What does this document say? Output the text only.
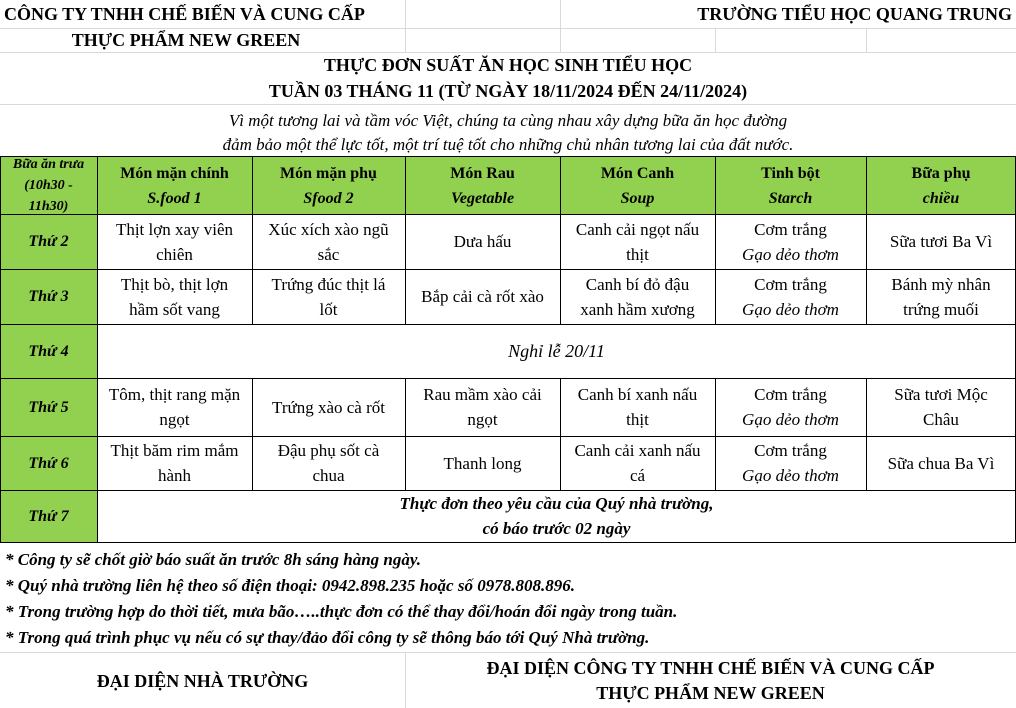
CÔNG TY TNHH CHẾ BIẾN VÀ CUNG CẤP	TRƯỜNG TIỂU HỌC QUANG TRUNG
THỰC PHẨM NEW GREEN
THỰC ĐƠN SUẤT ĂN HỌC SINH TIỂU HỌC
TUẦN 03 THÁNG 11 (TỪ NGÀY 18/11/2024 ĐẾN 24/11/2024)
Vì một tương lai và tầm vóc Việt, chúng ta cùng nhau xây dựng bữa ăn học đường
đảm bảo một thể lực tốt, một trí tuệ tốt cho những chủ nhân tương lai của đất nước.
Bữa ăn trưa
(10h30 -
11h30)
Món mặn chính
S.food 1
Món mặn phụ
Sfood 2
Món Rau
Vegetable
Món Canh
Soup
Tinh bột
Starch
Bữa phụ
chiều
Thứ 2
Thứ 3
Thứ 4
Thứ 5
Thứ 6
Thứ 7
Thịt lợn xay viên
chiên
Xúc xích xào ngũ
sắc
Dưa hấu
Canh cải ngọt nấu
thịt
Cơm trắng
Gạo dẻo thơm
Sữa tươi Ba Vì
Thịt bò, thịt lợn
hầm sốt vang
Trứng đúc thịt lá
lốt
Bắp cải cà rốt xào
Canh bí đỏ đậu
xanh hầm xương
Cơm trắng
Gạo dẻo thơm
Bánh mỳ nhân
trứng muối
Nghỉ lễ 20/11
Tôm, thịt rang mặn
ngọt
Trứng xào cà rốt
Rau mầm xào cải
ngọt
Canh bí xanh nấu
thịt
Cơm trắng
Gạo dẻo thơm
Sữa tươi Mộc
Châu
Thịt băm rim mắm
hành
Đậu phụ sốt cà
chua
Thanh long
Canh cải xanh nấu
cá
Cơm trắng
Gạo dẻo thơm
Sữa chua Ba Vì
Thực đơn theo yêu cầu của Quý nhà trường,
có báo trước 02 ngày
* Công ty sẽ chốt giờ báo suất ăn trước 8h sáng hàng ngày.
* Quý nhà trường liên hệ theo số điện thoại: 0942.898.235 hoặc số 0978.808.896.
* Trong trường hợp do thời tiết, mưa bão…..thực đơn có thể thay đổi/hoán đổi ngày trong tuần.
* Trong quá trình phục vụ nếu có sự thay/đảo đổi công ty sẽ thông báo tới Quý Nhà trường.
ĐẠI DIỆN NHÀ TRƯỜNG
ĐẠI DIỆN CÔNG TY TNHH CHẾ BIẾN VÀ CUNG CẤP
THỰC PHẨM NEW GREEN
